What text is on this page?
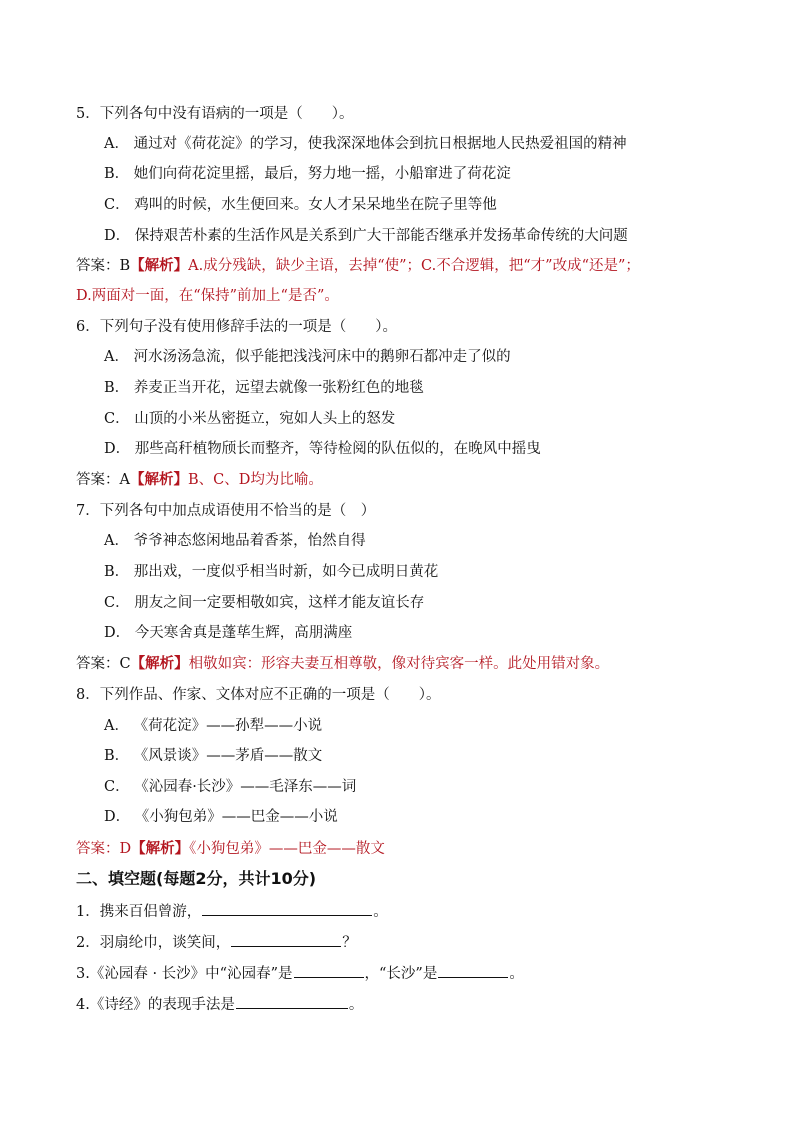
5．下列各句中没有语病的一项是（　　）。
A． 通过对《荷花淀》的学习，使我深深地体会到抗日根据地人民热爱祖国的精神
B． 她们向荷花淀里摇，最后，努力地一摇，小船窜进了荷花淀
C． 鸡叫的时候，水生便回来。女人才呆呆地坐在院子里等他
D． 保持艰苦朴素的生活作风是关系到广大干部能否继承并发扬革命传统的大问题
答案：B【解析】A.成分残缺，缺少主语，去掉“使”；C.不合逻辑，把“才”改成“还是”；
D.两面对一面，在“保持”前加上“是否”。
6．下列句子没有使用修辞手法的一项是（　　）。
A． 河水汤汤急流，似乎能把浅浅河床中的鹅卵石都冲走了似的
B． 养麦正当开花，远望去就像一张粉红色的地毯
C． 山顶的小米丛密挺立，宛如人头上的怒发
D． 那些高秆植物颀长而整齐，等待检阅的队伍似的，在晚风中摇曳
答案：A【解析】B、C、D均为比喻。
7．下列各句中加点成语使用不恰当的是（　）
A． 爷爷神态悠闲地品着香茶，怡然自得
B． 那出戏，一度似乎相当时新，如今已成明日黄花
C． 朋友之间一定要相敬如宾，这样才能友谊长存
D． 今天寒舍真是蓬荜生辉，高朋满座
答案：C【解析】相敬如宾：形容夫妻互相尊敬，像对待宾客一样。此处用错对象。
8．下列作品、作家、文体对应不正确的一项是（　　）。
A． 《荷花淀》——孙犁——小说
B． 《风景谈》——茅盾——散文
C． 《沁园春·长沙》——毛泽东——词
D． 《小狗包弟》——巴金——小说
答案：D【解析】《小狗包弟》——巴金——散文
二、填空题(每题2分，共计10分)
1．携来百侣曾游，	。
2．羽扇纶巾，谈笑间，	？
3.《沁园春 · 长沙》中“沁园春”是	，“长沙”是	。
4.《诗经》的表现手法是	。
